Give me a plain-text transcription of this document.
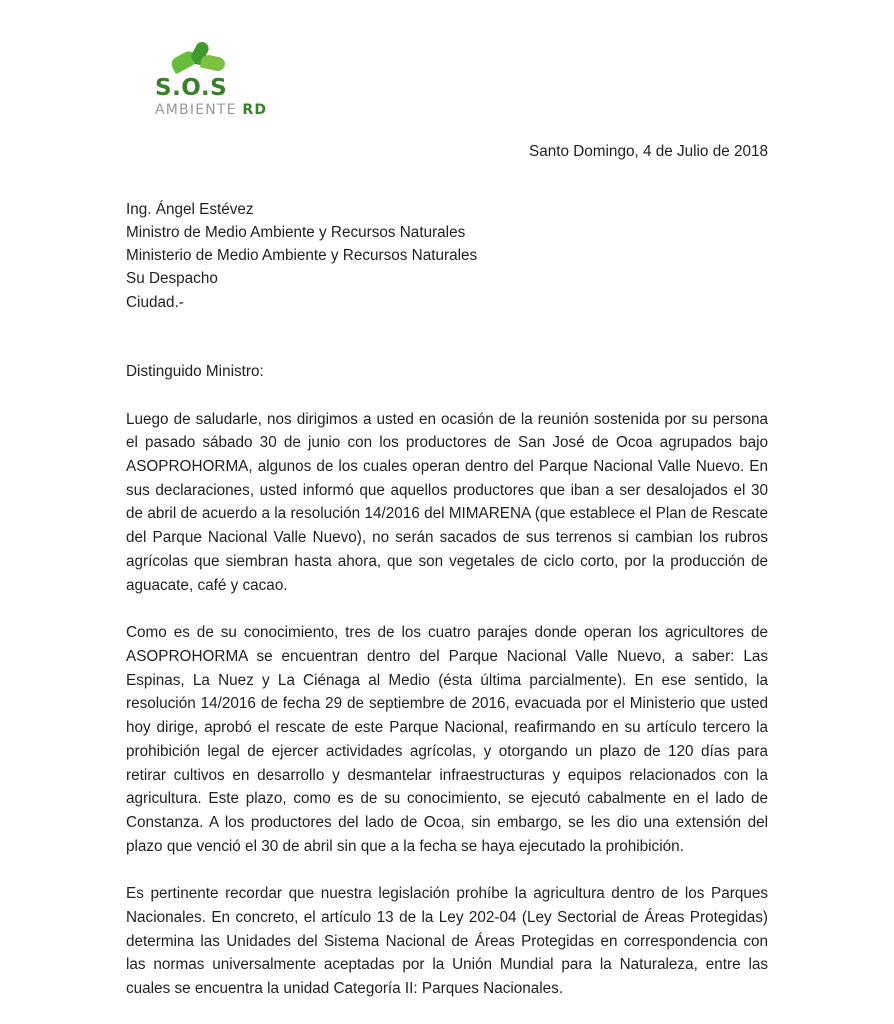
S.O.S
AMBIENTE RD
Santo Domingo, 4 de Julio de 2018

Ing. Ángel Estévez

Ministro de Medio Ambiente y Recursos Naturales

Ministerio de Medio Ambiente y Recursos Naturales

Su Despacho

Ciudad.-

Distinguido Ministro:

Luego de saludarle, nos dirigimos a usted en ocasión de la reunión sostenida por su persona el pasado sábado 30 de junio con los productores de San José de Ocoa agrupados bajo ASOPROHORMA, algunos de los cuales operan dentro del Parque Nacional Valle Nuevo. En sus declaraciones, usted informó que aquellos productores que iban a ser desalojados el 30 de abril de acuerdo a la resolución 14/2016 del MIMARENA (que establece el Plan de Rescate del Parque Nacional Valle Nuevo), no serán sacados de sus terrenos si cambian los rubros agrícolas que siembran hasta ahora, que son vegetales de ciclo corto, por la producción de aguacate, café y cacao.

Como es de su conocimiento, tres de los cuatro parajes donde operan los agricultores de ASOPROHORMA se encuentran dentro del Parque Nacional Valle Nuevo, a saber: Las Espinas, La Nuez y La Ciénaga al Medio (ésta última parcialmente). En ese sentido, la resolución 14/2016 de fecha 29 de septiembre de 2016, evacuada por el Ministerio que usted hoy dirige, aprobó el rescate de este Parque Nacional, reafirmando en su artículo tercero la prohibición legal de ejercer actividades agrícolas, y otorgando un plazo de 120 días para retirar cultivos en desarrollo y desmantelar infraestructuras y equipos relacionados con la agricultura. Este plazo, como es de su conocimiento, se ejecutó cabalmente en el lado de Constanza. A los productores del lado de Ocoa, sin embargo, se les dio una extensión del plazo que venció el 30 de abril sin que a la fecha se haya ejecutado la prohibición.

Es pertinente recordar que nuestra legislación prohíbe la agricultura dentro de los Parques Nacionales. En concreto, el artículo 13 de la Ley 202-04 (Ley Sectorial de Áreas Protegidas) determina las Unidades del Sistema Nacional de Áreas Protegidas en correspondencia con las normas universalmente aceptadas por la Unión Mundial para la Naturaleza, entre las cuales se encuentra la unidad Categoría II: Parques Nacionales.
